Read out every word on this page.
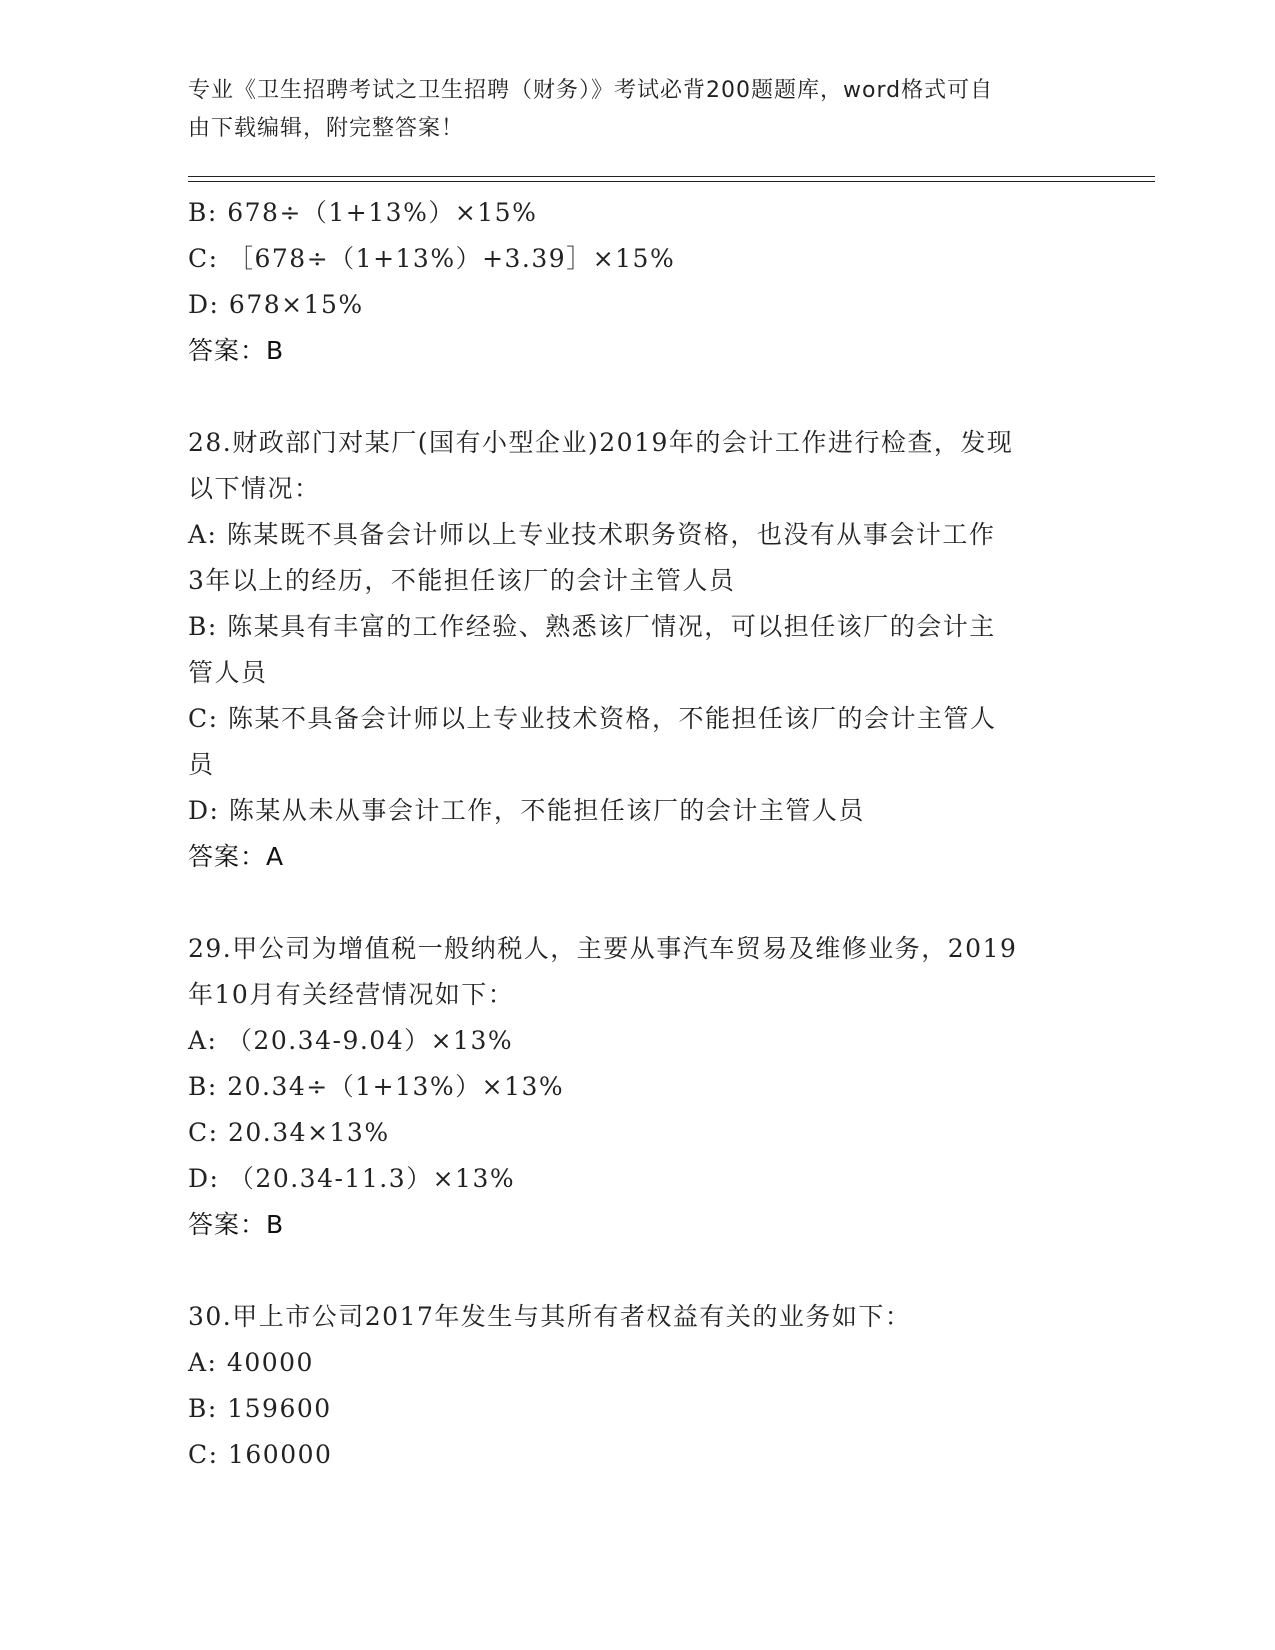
专业《卫生招聘考试之卫生招聘（财务）》考试必背200题题库，word格式可自
由下载编辑，附完整答案！
B: 678÷（1+13%）×15%
C: ［678÷（1+13%）+3.39］×15%
D: 678×15%
答案：B
28.财政部门对某厂(国有小型企业)2019年的会计工作进行检查，发现
以下情况：
A: 陈某既不具备会计师以上专业技术职务资格，也没有从事会计工作
3年以上的经历，不能担任该厂的会计主管人员
B: 陈某具有丰富的工作经验、熟悉该厂情况，可以担任该厂的会计主
管人员
C: 陈某不具备会计师以上专业技术资格，不能担任该厂的会计主管人
员
D: 陈某从未从事会计工作，不能担任该厂的会计主管人员
答案：A
29.甲公司为增值税一般纳税人，主要从事汽车贸易及维修业务，2019
年10月有关经营情况如下：
A: （20.34-9.04）×13%
B: 20.34÷（1+13%）×13%
C: 20.34×13%
D: （20.34-11.3）×13%
答案：B
30.甲上市公司2017年发生与其所有者权益有关的业务如下：
A: 40000
B: 159600
C: 160000
